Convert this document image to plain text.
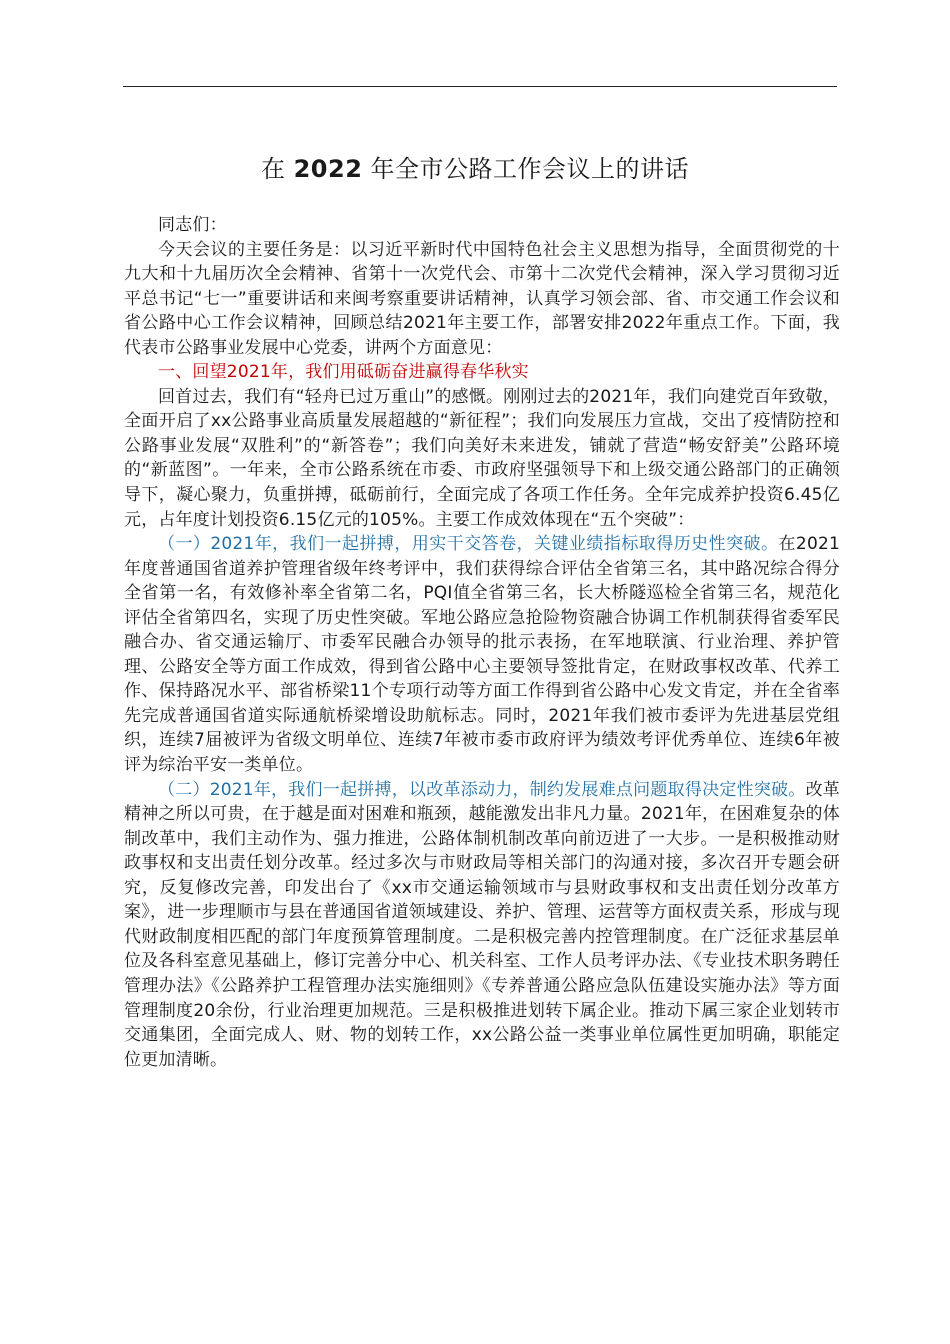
在 2022 年全市公路工作会议上的讲话

同志们：

今天会议的主要任务是：以习近平新时代中国特色社会主义思想为指导，全面贯彻党的十九大和十九届历次全会精神、省第十一次党代会、市第十二次党代会精神，深入学习贯彻习近平总书记“七一”重要讲话和来闽考察重要讲话精神，认真学习领会部、省、市交通工作会议和省公路中心工作会议精神，回顾总结2021年主要工作，部署安排2022年重点工作。下面，我代表市公路事业发展中心党委，讲两个方面意见：

一、回望2021年，我们用砥砺奋进赢得春华秋实

回首过去，我们有“轻舟已过万重山”的感慨。刚刚过去的2021年，我们向建党百年致敬，全面开启了xx公路事业高质量发展超越的“新征程”；我们向发展压力宣战，交出了疫情防控和公路事业发展“双胜利”的“新答卷”；我们向美好未来进发，铺就了营造“畅安舒美”公路环境的“新蓝图”。一年来，全市公路系统在市委、市政府坚强领导下和上级交通公路部门的正确领导下，凝心聚力，负重拼搏，砥砺前行，全面完成了各项工作任务。全年完成养护投资6.45亿元，占年度计划投资6.15亿元的105%。主要工作成效体现在“五个突破”：

（一）2021年，我们一起拼搏，用实干交答卷，关键业绩指标取得历史性突破。在2021年度普通国省道养护管理省级年终考评中，我们获得综合评估全省第三名，其中路况综合得分全省第一名，有效修补率全省第二名，PQI值全省第三名，长大桥隧巡检全省第三名，规范化评估全省第四名，实现了历史性突破。军地公路应急抢险物资融合协调工作机制获得省委军民融合办、省交通运输厅、市委军民融合办领导的批示表扬，在军地联演、行业治理、养护管理、公路安全等方面工作成效，得到省公路中心主要领导签批肯定，在财政事权改革、代养工作、保持路况水平、部省桥梁11个专项行动等方面工作得到省公路中心发文肯定，并在全省率先完成普通国省道实际通航桥梁增设助航标志。同时，2021年我们被市委评为先进基层党组织，连续7届被评为省级文明单位、连续7年被市委市政府评为绩效考评优秀单位、连续6年被评为综治平安一类单位。

（二）2021年，我们一起拼搏，以改革添动力，制约发展难点问题取得决定性突破。改革精神之所以可贵，在于越是面对困难和瓶颈，越能激发出非凡力量。2021年，在困难复杂的体制改革中，我们主动作为、强力推进，公路体制机制改革向前迈进了一大步。一是积极推动财政事权和支出责任划分改革。经过多次与市财政局等相关部门的沟通对接，多次召开专题会研究，反复修改完善，印发出台了《xx市交通运输领域市与县财政事权和支出责任划分改革方案》，进一步理顺市与县在普通国省道领域建设、养护、管理、运营等方面权责关系，形成与现代财政制度相匹配的部门年度预算管理制度。二是积极完善内控管理制度。在广泛征求基层单位及各科室意见基础上，修订完善分中心、机关科室、工作人员考评办法、《专业技术职务聘任管理办法》《公路养护工程管理办法实施细则》《专养普通公路应急队伍建设实施办法》等方面管理制度20余份，行业治理更加规范。三是积极推进划转下属企业。推动下属三家企业划转市交通集团，全面完成人、财、物的划转工作，xx公路公益一类事业单位属性更加明确，职能定位更加清晰。
